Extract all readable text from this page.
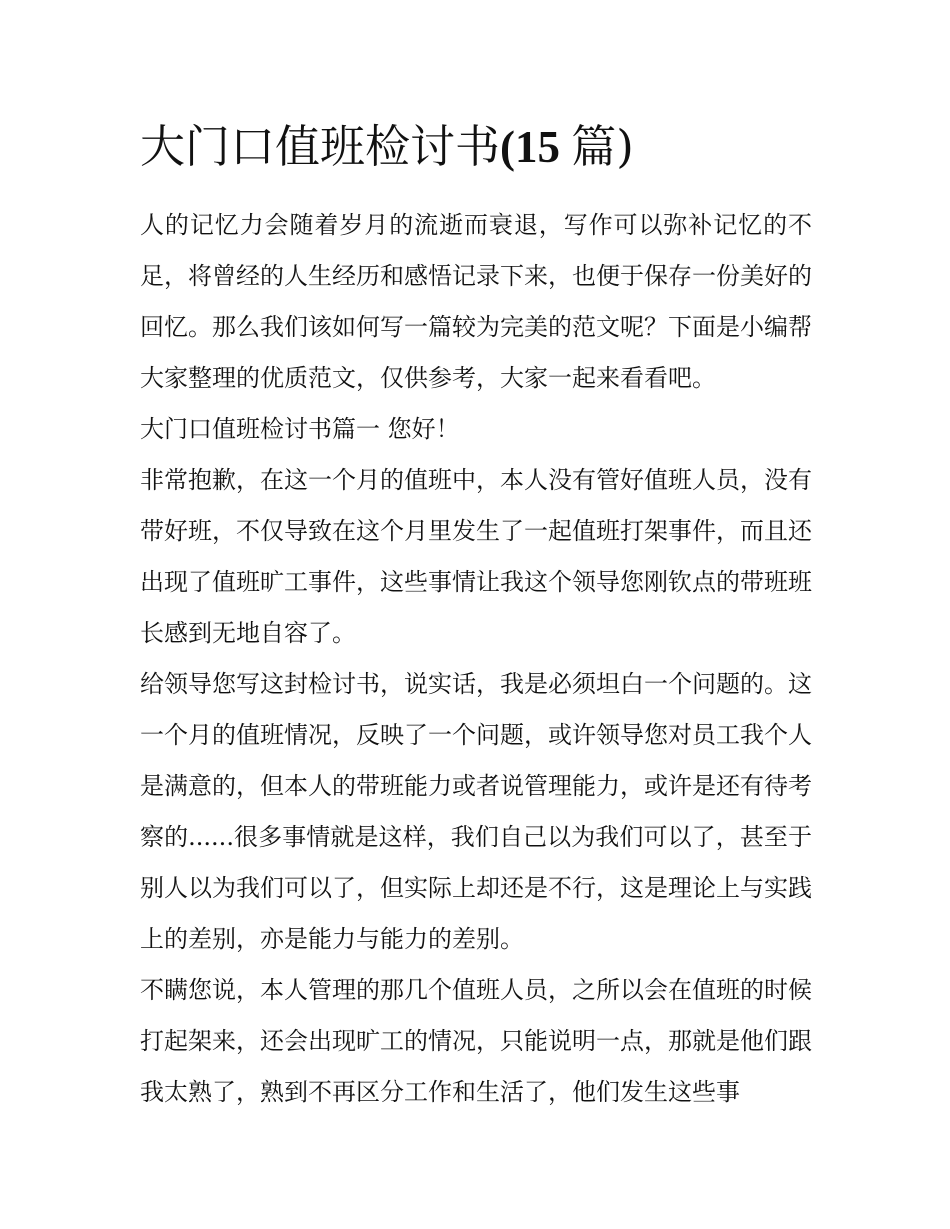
大门口值班检讨书(15 篇)

人的记忆力会随着岁月的流逝而衰退，写作可以弥补记忆的不足，将曾经的人生经历和感悟记录下来，也便于保存一份美好的回忆。那么我们该如何写一篇较为完美的范文呢？下面是小编帮大家整理的优质范文，仅供参考，大家一起来看看吧。

大门口值班检讨书篇一 您好！

非常抱歉，在这一个月的值班中，本人没有管好值班人员，没有带好班，不仅导致在这个月里发生了一起值班打架事件，而且还出现了值班旷工事件，这些事情让我这个领导您刚钦点的带班班长感到无地自容了。

给领导您写这封检讨书，说实话，我是必须坦白一个问题的。这一个月的值班情况，反映了一个问题，或许领导您对员工我个人是满意的，但本人的带班能力或者说管理能力，或许是还有待考察的......很多事情就是这样，我们自己以为我们可以了，甚至于别人以为我们可以了，但实际上却还是不行，这是理论上与实践上的差别，亦是能力与能力的差别。

不瞒您说，本人管理的那几个值班人员，之所以会在值班的时候打起架来，还会出现旷工的情况，只能说明一点，那就是他们跟我太熟了，熟到不再区分工作和生活了，他们发生这些事
